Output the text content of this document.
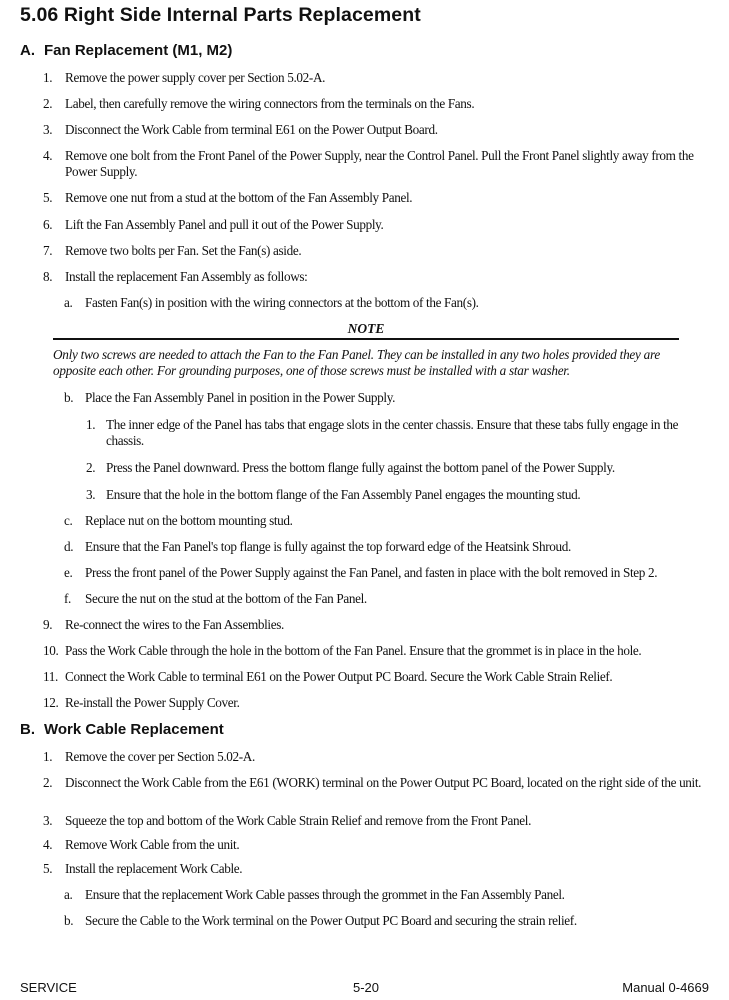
5.06 Right Side Internal Parts Replacement
A. Fan Replacement (M1, M2)
1. Remove the power supply cover per Section 5.02-A.
2. Label, then carefully remove the wiring connectors from the terminals on the Fans.
3. Disconnect the Work Cable from terminal E61 on the Power Output Board.
4. Remove one bolt from the Front Panel of the Power Supply, near the Control Panel. Pull the Front Panel slightly away from the Power Supply.
5. Remove one nut from a stud at the bottom of the Fan Assembly Panel.
6. Lift the Fan Assembly Panel and pull it out of the Power Supply.
7. Remove two bolts per Fan. Set the Fan(s) aside.
8. Install the replacement Fan Assembly as follows:
a. Fasten Fan(s) in position with the wiring connectors at the bottom of the Fan(s).
NOTE
Only two screws are needed to attach the Fan to the Fan Panel. They can be installed in any two holes provided they are opposite each other. For grounding purposes, one of those screws must be installed with a star washer.
b. Place the Fan Assembly Panel in position in the Power Supply.
1. The inner edge of the Panel has tabs that engage slots in the center chassis. Ensure that these tabs fully engage in the chassis.
2. Press the Panel downward. Press the bottom flange fully against the bottom panel of the Power Supply.
3. Ensure that the hole in the bottom flange of the Fan Assembly Panel engages the mounting stud.
c. Replace nut on the bottom mounting stud.
d. Ensure that the Fan Panel's top flange is fully against the top forward edge of the Heatsink Shroud.
e. Press the front panel of the Power Supply against the Fan Panel, and fasten in place with the bolt removed in Step 2.
f. Secure the nut on the stud at the bottom of the Fan Panel.
9. Re-connect the wires to the Fan Assemblies.
10. Pass the Work Cable through the hole in the bottom of the Fan Panel. Ensure that the grommet is in place in the hole.
11. Connect the Work Cable to terminal E61 on the Power Output PC Board. Secure the Work Cable Strain Relief.
12. Re-install the Power Supply Cover.
B. Work Cable Replacement
1. Remove the cover per Section 5.02-A.
2. Disconnect the Work Cable from the E61 (WORK) terminal on the Power Output PC Board, located on the right side of the unit.
3. Squeeze the top and bottom of the Work Cable Strain Relief and remove from the Front Panel.
4. Remove Work Cable from the unit.
5. Install the replacement Work Cable.
a. Ensure that the replacement Work Cable passes through the grommet in the Fan Assembly Panel.
b. Secure the Cable to the Work terminal on the Power Output PC Board and securing the strain relief.
SERVICE	5-20	Manual 0-4669
